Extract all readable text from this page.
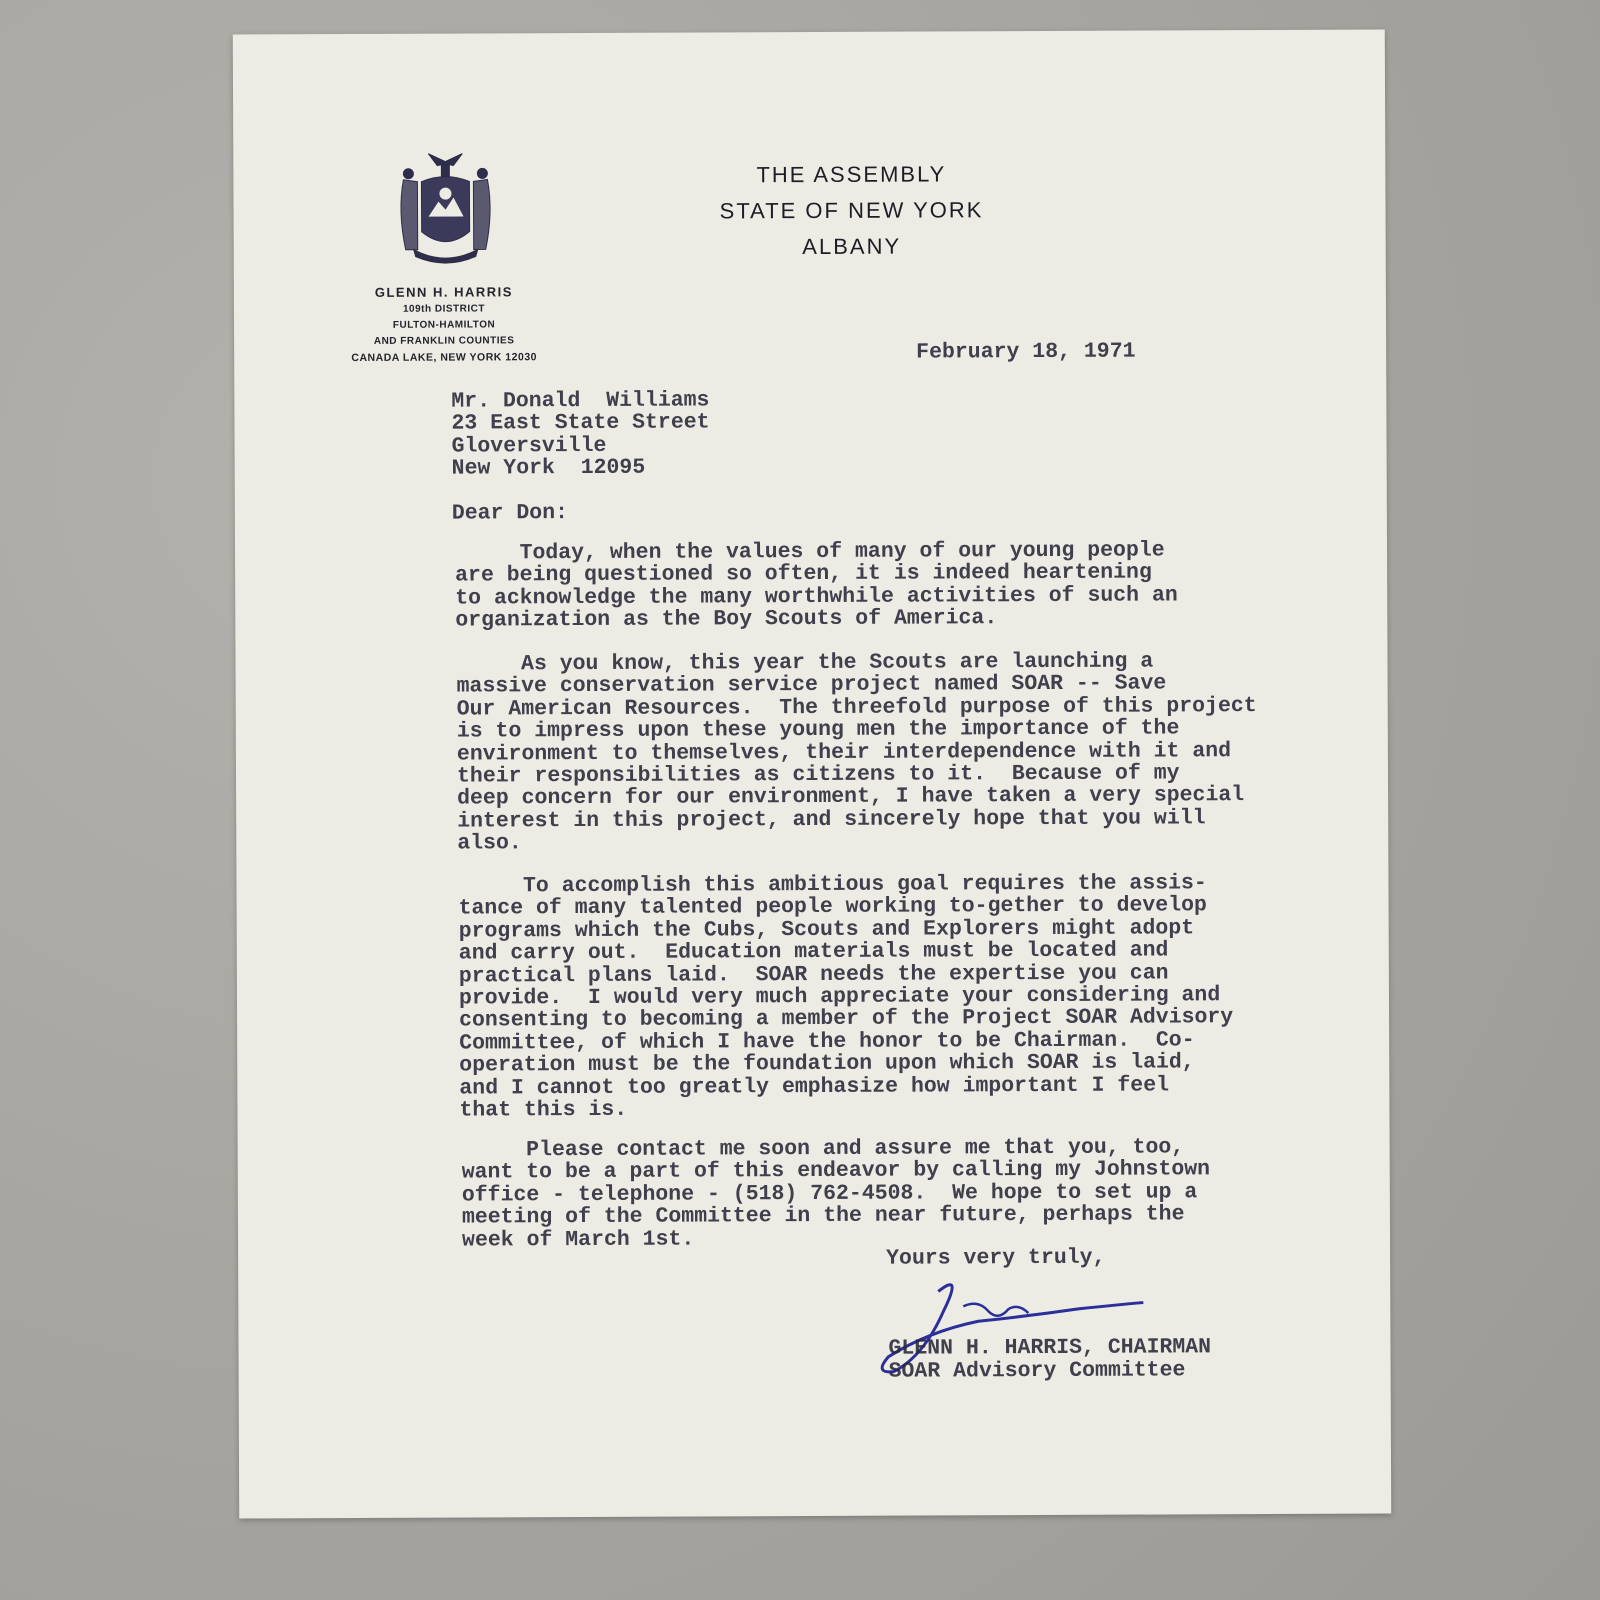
GLENN H. HARRIS
109th DISTRICT
FULTON-HAMILTON
AND FRANKLIN COUNTIES
CANADA LAKE, NEW YORK 12030
THE ASSEMBLY
STATE OF NEW YORK
ALBANY
February 18, 1971
Mr. Donald  Williams
23 East State Street
Gloversville
New York  12095
Dear Don:
Today, when the values of many of our young people
are being questioned so often, it is indeed heartening
to acknowledge the many worthwhile activities of such an
organization as the Boy Scouts of America.
As you know, this year the Scouts are launching a
massive conservation service project named SOAR -- Save
Our American Resources.  The threefold purpose of this project
is to impress upon these young men the importance of the
environment to themselves, their interdependence with it and
their responsibilities as citizens to it.  Because of my
deep concern for our environment, I have taken a very special
interest in this project, and sincerely hope that you will
also.
To accomplish this ambitious goal requires the assis-
tance of many talented people working to-gether to develop
programs which the Cubs, Scouts and Explorers might adopt
and carry out.  Education materials must be located and
practical plans laid.  SOAR needs the expertise you can
provide.  I would very much appreciate your considering and
consenting to becoming a member of the Project SOAR Advisory
Committee, of which I have the honor to be Chairman.  Co-
operation must be the foundation upon which SOAR is laid,
and I cannot too greatly emphasize how important I feel
that this is.
Please contact me soon and assure me that you, too,
want to be a part of this endeavor by calling my Johnstown
office - telephone - (518) 762-4508.  We hope to set up a
meeting of the Committee in the near future, perhaps the
week of March 1st.
Yours very truly,
GLENN H. HARRIS, CHAIRMAN
SOAR Advisory Committee
